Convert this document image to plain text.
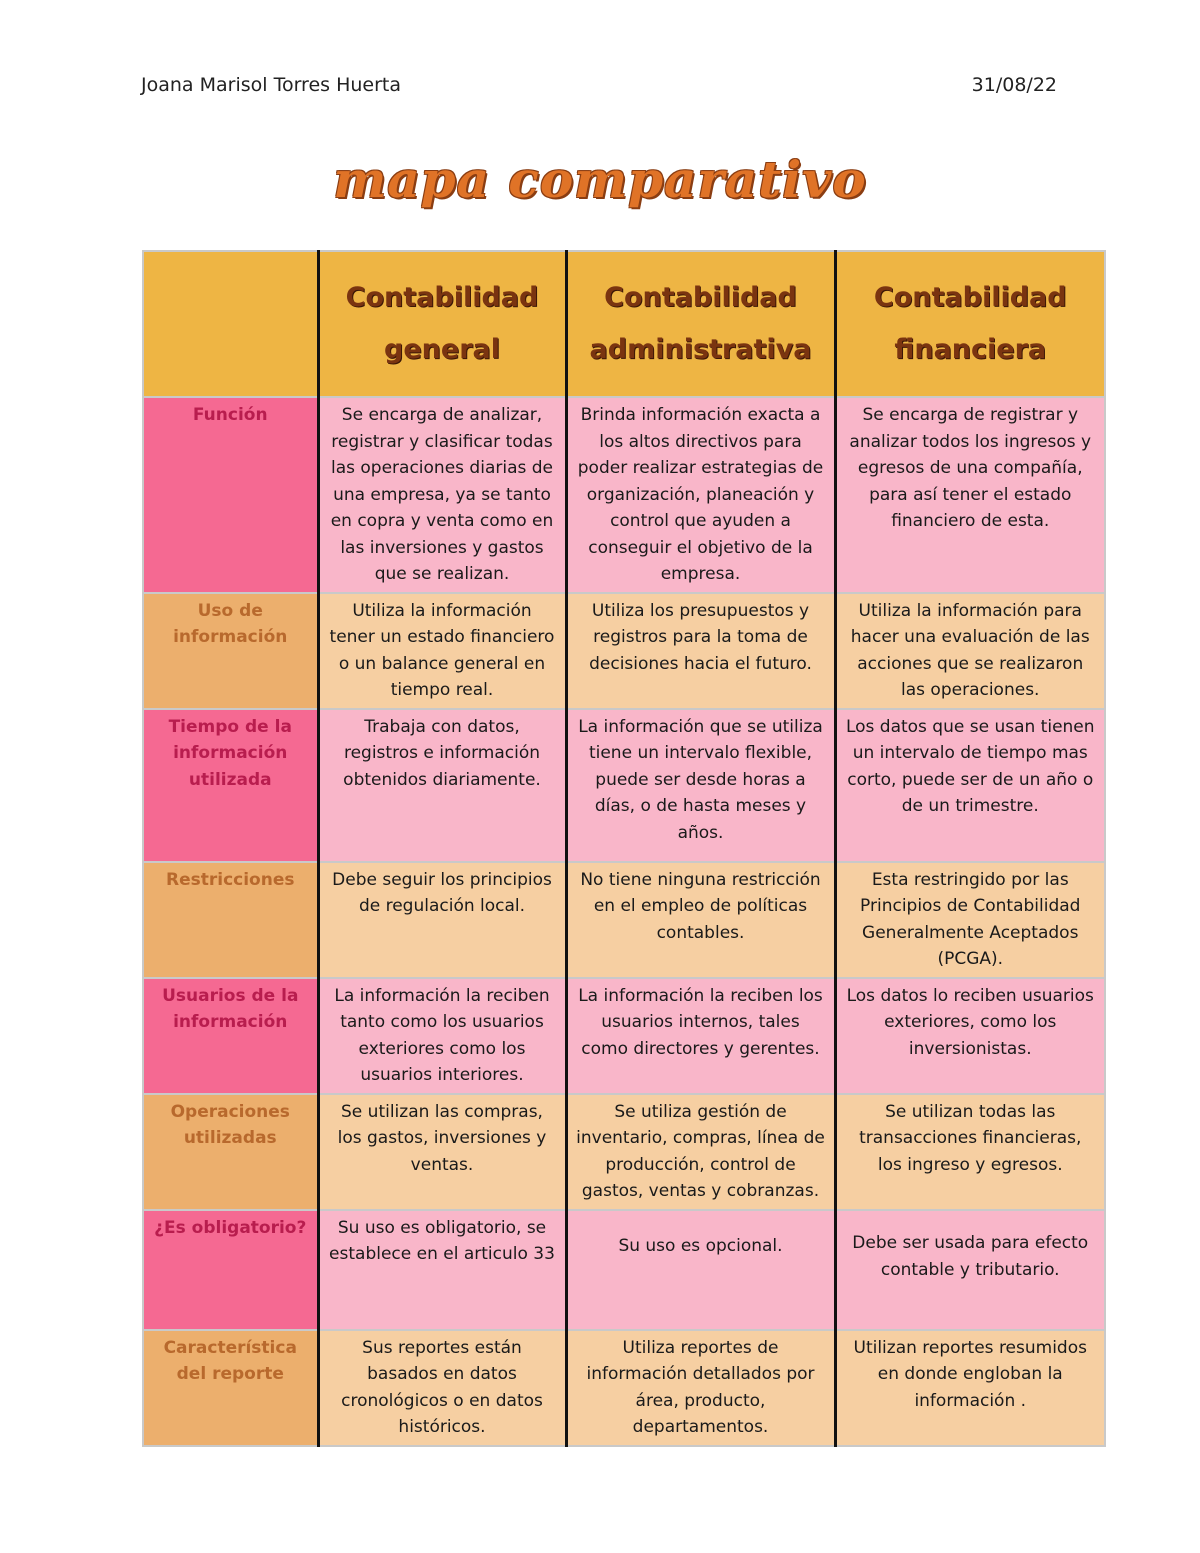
Joana Marisol Torres Huerta	31/08/22
mapa comparativo
	Contabilidad general	Contabilidad administrativa	Contabilidad financiera
Función	Se encarga de analizar, registrar y clasificar todas las operaciones diarias de una empresa, ya se tanto en copra y venta como en las inversiones y gastos que se realizan.	Brinda información exacta a los altos directivos para poder realizar estrategias de organización, planeación y control que ayuden a conseguir el objetivo de la empresa.	Se encarga de registrar y analizar todos los ingresos y egresos de una compañía, para así tener el estado financiero de esta.
Uso de información	Utiliza la información tener un estado financiero o un balance general en tiempo real.	Utiliza los presupuestos y registros para la toma de decisiones hacia el futuro.	Utiliza la información para hacer una evaluación de las acciones que se realizaron las operaciones.
Tiempo de la información utilizada	Trabaja con datos, registros e información obtenidos diariamente.	La información que se utiliza tiene un intervalo flexible, puede ser desde horas a días, o de hasta meses y años.	Los datos que se usan tienen un intervalo de tiempo mas corto, puede ser de un año o de un trimestre.
Restricciones	Debe seguir los principios de regulación local.	No tiene ninguna restricción en el empleo de políticas contables.	Esta restringido por las Principios de Contabilidad Generalmente Aceptados (PCGA).
Usuarios de la información	La información la reciben tanto como los usuarios exteriores como los usuarios interiores.	La información la reciben los usuarios internos, tales como directores y gerentes.	Los datos lo reciben usuarios exteriores, como los inversionistas.
Operaciones utilizadas	Se utilizan las compras, los gastos, inversiones y ventas.	Se utiliza gestión de inventario, compras, línea de producción, control de gastos, ventas y cobranzas.	Se utilizan todas las transacciones financieras, los ingreso y egresos.
¿Es obligatorio?	Su uso es obligatorio, se establece en el articulo 33	Su uso es opcional.	Debe ser usada para efecto contable y tributario.
Característica del reporte	Sus reportes están basados en datos cronológicos o en datos históricos.	Utiliza reportes de información detallados por área, producto, departamentos.	Utilizan reportes resumidos en donde engloban la información .
